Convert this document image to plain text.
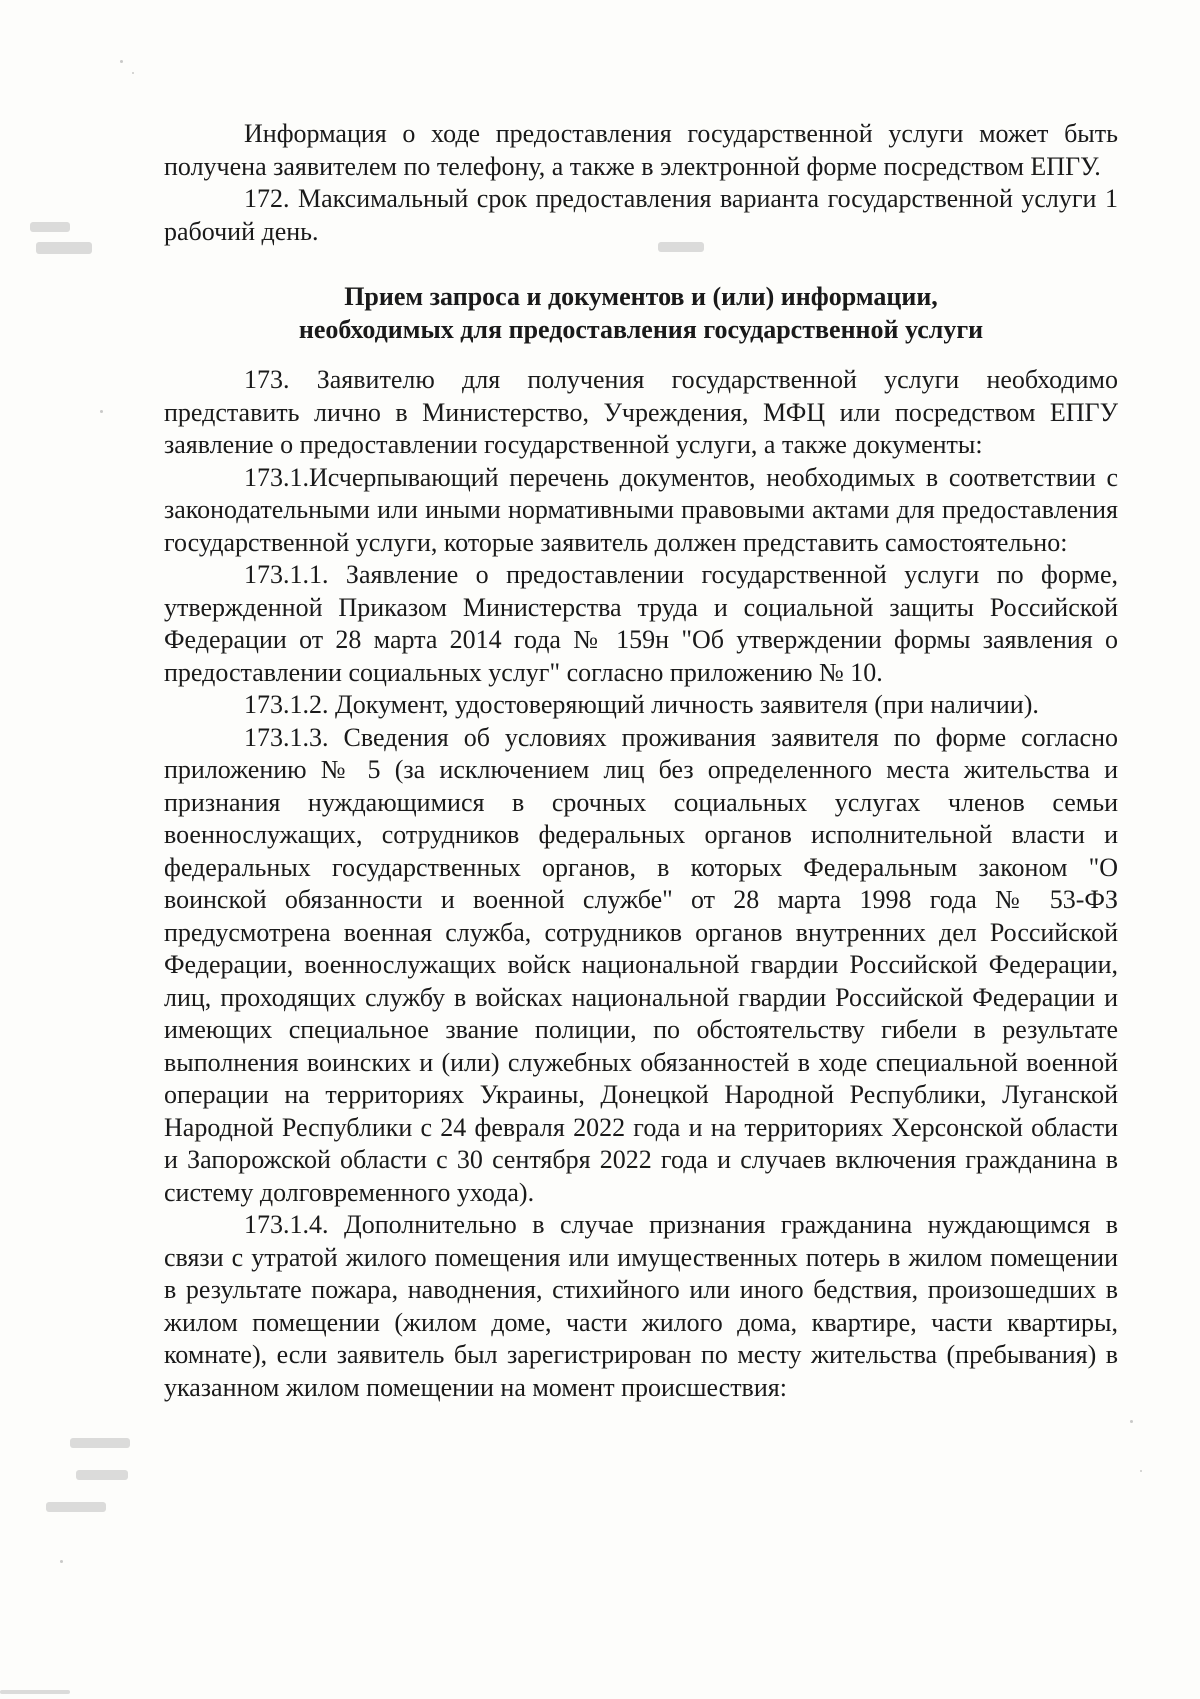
Информация о ходе предоставления государственной услуги может быть получена заявителем по телефону, а также в электронной форме посредством ЕПГУ.

172. Максимальный срок предоставления варианта государственной услуги 1 рабочий день.

Прием запроса и документов и (или) информации,
необходимых для предоставления государственной услуги

173. Заявителю для получения государственной услуги необходимо представить лично в Министерство, Учреждения, МФЦ или посредством ЕПГУ заявление о предоставлении государственной услуги, а также документы:

173.1.Исчерпывающий перечень документов, необходимых в соответствии с законодательными или иными нормативными правовыми актами для предоставления государственной услуги, которые заявитель должен представить самостоятельно:

173.1.1. Заявление о предоставлении государственной услуги по форме, утвержденной Приказом Министерства труда и социальной защиты Российской Федерации от 28 марта 2014 года № 159н "Об утверждении формы заявления о предоставлении социальных услуг" согласно приложению № 10.

173.1.2. Документ, удостоверяющий личность заявителя (при наличии).

173.1.3. Сведения об условиях проживания заявителя по форме согласно приложению № 5 (за исключением лиц без определенного места жительства и признания нуждающимися в срочных социальных услугах членов семьи военнослужащих, сотрудников федеральных органов исполнительной власти и федеральных государственных органов, в которых Федеральным законом "О воинской обязанности и военной службе" от 28 марта 1998 года № 53-ФЗ предусмотрена военная служба, сотрудников органов внутренних дел Российской Федерации, военнослужащих войск национальной гвардии Российской Федерации, лиц, проходящих службу в войсках национальной гвардии Российской Федерации и имеющих специальное звание полиции, по обстоятельству гибели в результате выполнения воинских и (или) служебных обязанностей в ходе специальной военной операции на территориях Украины, Донецкой Народной Республики, Луганской Народной Республики с 24 февраля 2022 года и на территориях Херсонской области и Запорожской области с 30 сентября 2022 года и случаев включения гражданина в систему долговременного ухода).

173.1.4. Дополнительно в случае признания гражданина нуждающимся в связи с утратой жилого помещения или имущественных потерь в жилом помещении в результате пожара, наводнения, стихийного или иного бедствия, произошедших в жилом помещении (жилом доме, части жилого дома, квартире, части квартиры, комнате), если заявитель был зарегистрирован по месту жительства (пребывания) в указанном жилом помещении на момент происшествия:
